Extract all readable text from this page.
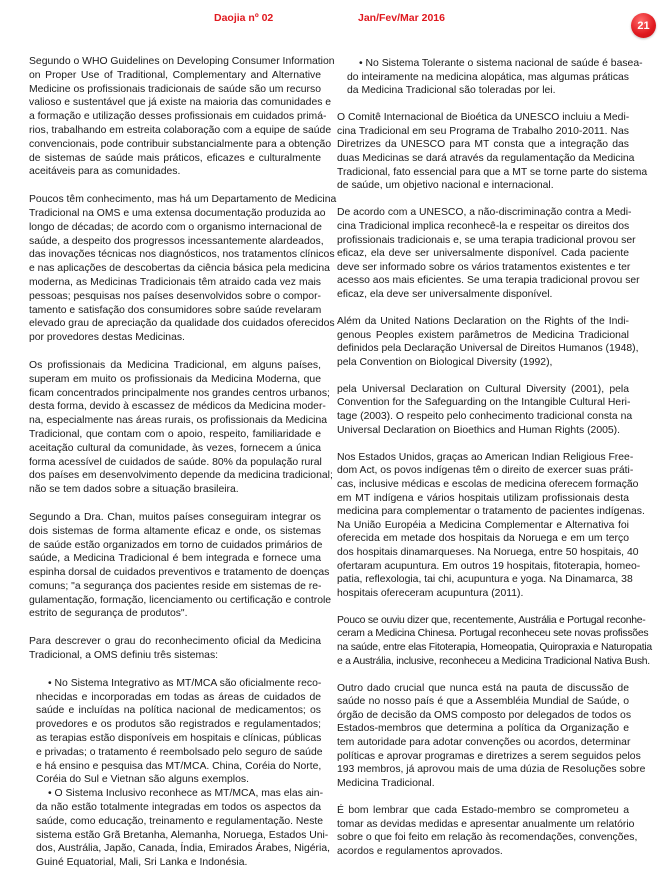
Daojia nº 02	Jan/Fev/Mar 2016
21
Segundo o WHO Guidelines on Developing Consumer Information
on Proper Use of Traditional, Complementary and Alternative
Medicine os profissionais tradicionais de saúde são um recurso
valioso e sustentável que já existe na maioria das comunidades e
a formação e utilização desses profissionais em cuidados primá-
rios, trabalhando em estreita colaboração com a equipe de saúde
convencionais, pode contribuir substancialmente para a obtenção
de sistemas de saúde mais práticos, eficazes e culturalmente
aceitáveis para as comunidades.
Poucos têm conhecimento, mas há um Departamento de Medicina
Tradicional na OMS e uma extensa documentação produzida ao
longo de décadas; de acordo com o organismo internacional de
saúde, a despeito dos progressos incessantemente alardeados,
das inovações técnicas nos diagnósticos, nos tratamentos clínicos
e nas aplicações de descobertas da ciência básica pela medicina
moderna, as Medicinas Tradicionais têm atraido cada vez mais
pessoas; pesquisas nos países desenvolvidos sobre o compor-
tamento e satisfação dos consumidores sobre saúde revelaram
elevado grau de apreciação da qualidade dos cuidados oferecidos
por provedores destas Medicinas.
Os profissionais da Medicina Tradicional, em alguns países,
superam em muito os profissionais da Medicina Moderna, que
ficam concentrados principalmente nos grandes centros urbanos;
desta forma, devido à escassez de médicos da Medicina moder-
na, especialmente nas áreas rurais, os profissionais da Medicina
Tradicional, que contam com o apoio, respeito, familiaridade e
aceitação cultural da comunidade, às vezes, fornecem a única
forma acessível de cuidados de saúde. 80% da população rural
dos países em desenvolvimento depende da medicina tradicional;
não se tem dados sobre a situação brasileira.
Segundo a Dra. Chan, muitos países conseguiram integrar os
dois sistemas de forma altamente eficaz e onde, os sistemas
de saúde estão organizados em torno de cuidados primários de
saúde, a Medicina Tradicional é bem integrada e fornece uma
espinha dorsal de cuidados preventivos e tratamento de doenças
comuns; "a segurança dos pacientes reside em sistemas de re-
gulamentação, formação, licenciamento ou certificação e controle
estrito de segurança de produtos".
Para descrever o grau do reconhecimento oficial da Medicina
Tradicional, a OMS definiu três sistemas:
• No Sistema Integrativo as MT/MCA são oficialmente reco-
nhecidas e incorporadas em todas as áreas de cuidados de
saúde e incluídas na política nacional de medicamentos; os
provedores e os produtos são registrados e regulamentados;
as terapias estão disponíveis em hospitais e clínicas, públicas
e privadas; o tratamento é reembolsado pelo seguro de saúde
e há ensino e pesquisa das MT/MCA. China, Coréia do Norte,
Coréia do Sul e Vietnan são alguns exemplos.
• O Sistema Inclusivo reconhece as MT/MCA, mas elas ain-
da não estão totalmente integradas em todos os aspectos da
saúde, como educação, treinamento e regulamentação. Neste
sistema estão Grã Bretanha, Alemanha, Noruega, Estados Uni-
dos, Austrália, Japão, Canada, Índia, Emirados Árabes, Nigéria,
Guiné Equatorial, Mali, Sri Lanka e Indonésia.
• No Sistema Tolerante o sistema nacional de saúde é basea-
do inteiramente na medicina alopática, mas algumas práticas
da Medicina Tradicional são toleradas por lei.
O Comitê Internacional de Bioética da UNESCO incluiu a Medi-
cina Tradicional em seu Programa de Trabalho 2010-2011. Nas
Diretrizes da UNESCO para MT consta que a integração das
duas Medicinas se dará através da regulamentação da Medicina
Tradicional, fato essencial para que a MT se torne parte do sistema
de saúde, um objetivo nacional e internacional.
De acordo com a UNESCO, a não-discriminação contra a Medi-
cina Tradicional implica reconhecê-la e respeitar os direitos dos
profissionais tradicionais e, se uma terapia tradicional provou ser
eficaz, ela deve ser universalmente disponível. Cada paciente
deve ser informado sobre os vários tratamentos existentes e ter
acesso aos mais eficientes. Se uma terapia tradicional provou ser
eficaz, ela deve ser universalmente disponível.
Além da United Nations Declaration on the Rights of the Indi-
genous Peoples existem parâmetros de Medicina Tradicional
definidos pela Declaração Universal de Direitos Humanos (1948),
pela Convention on Biological Diversity (1992),
pela Universal Declaration on Cultural Diversity (2001), pela
Convention for the Safeguarding on the Intangible Cultural Heri-
tage (2003). O respeito pelo conhecimento tradicional consta na
Universal Declaration on Bioethics and Human Rights (2005).
Nos Estados Unidos, graças ao American Indian Religious Free-
dom Act, os povos indígenas têm o direito de exercer suas práti-
cas, inclusive médicas e escolas de medicina oferecem formação
em MT indígena e vários hospitais utilizam profissionais desta
medicina para complementar o tratamento de pacientes indígenas.
Na União Européia a Medicina Complementar e Alternativa foi
oferecida em metade dos hospitais da Noruega e em um terço
dos hospitais dinamarqueses. Na Noruega, entre 50 hospitais, 40
ofertaram acupuntura. Em outros 19 hospitais, fitoterapia, homeo-
patia, reflexologia, tai chi, acupuntura e yoga. Na Dinamarca, 38
hospitais ofereceram acupuntura (2011).
Pouco se ouviu dizer que, recentemente, Austrália e Portugal reconhe-
ceram a Medicina Chinesa. Portugal reconheceu sete novas profissões
na saúde, entre elas Fitoterapia, Homeopatia, Quiropraxia e Naturopatia
e a Austrália, inclusive, reconheceu a Medicina Tradicional Nativa Bush.
Outro dado crucial que nunca está na pauta de discussão de
saúde no nosso país é que a Assembléia Mundial de Saúde, o
órgão de decisão da OMS composto por delegados de todos os
Estados-membros que determina a política da Organização e
tem autoridade para adotar convenções ou acordos, determinar
políticas e aprovar programas e diretrizes a serem seguidos pelos
193 membros, já aprovou mais de uma dúzia de Resoluções sobre
Medicina Tradicional.
É bom lembrar que cada Estado-membro se comprometeu a
tomar as devidas medidas e apresentar anualmente um relatório
sobre o que foi feito em relação às recomendações, convenções,
acordos e regulamentos aprovados.
